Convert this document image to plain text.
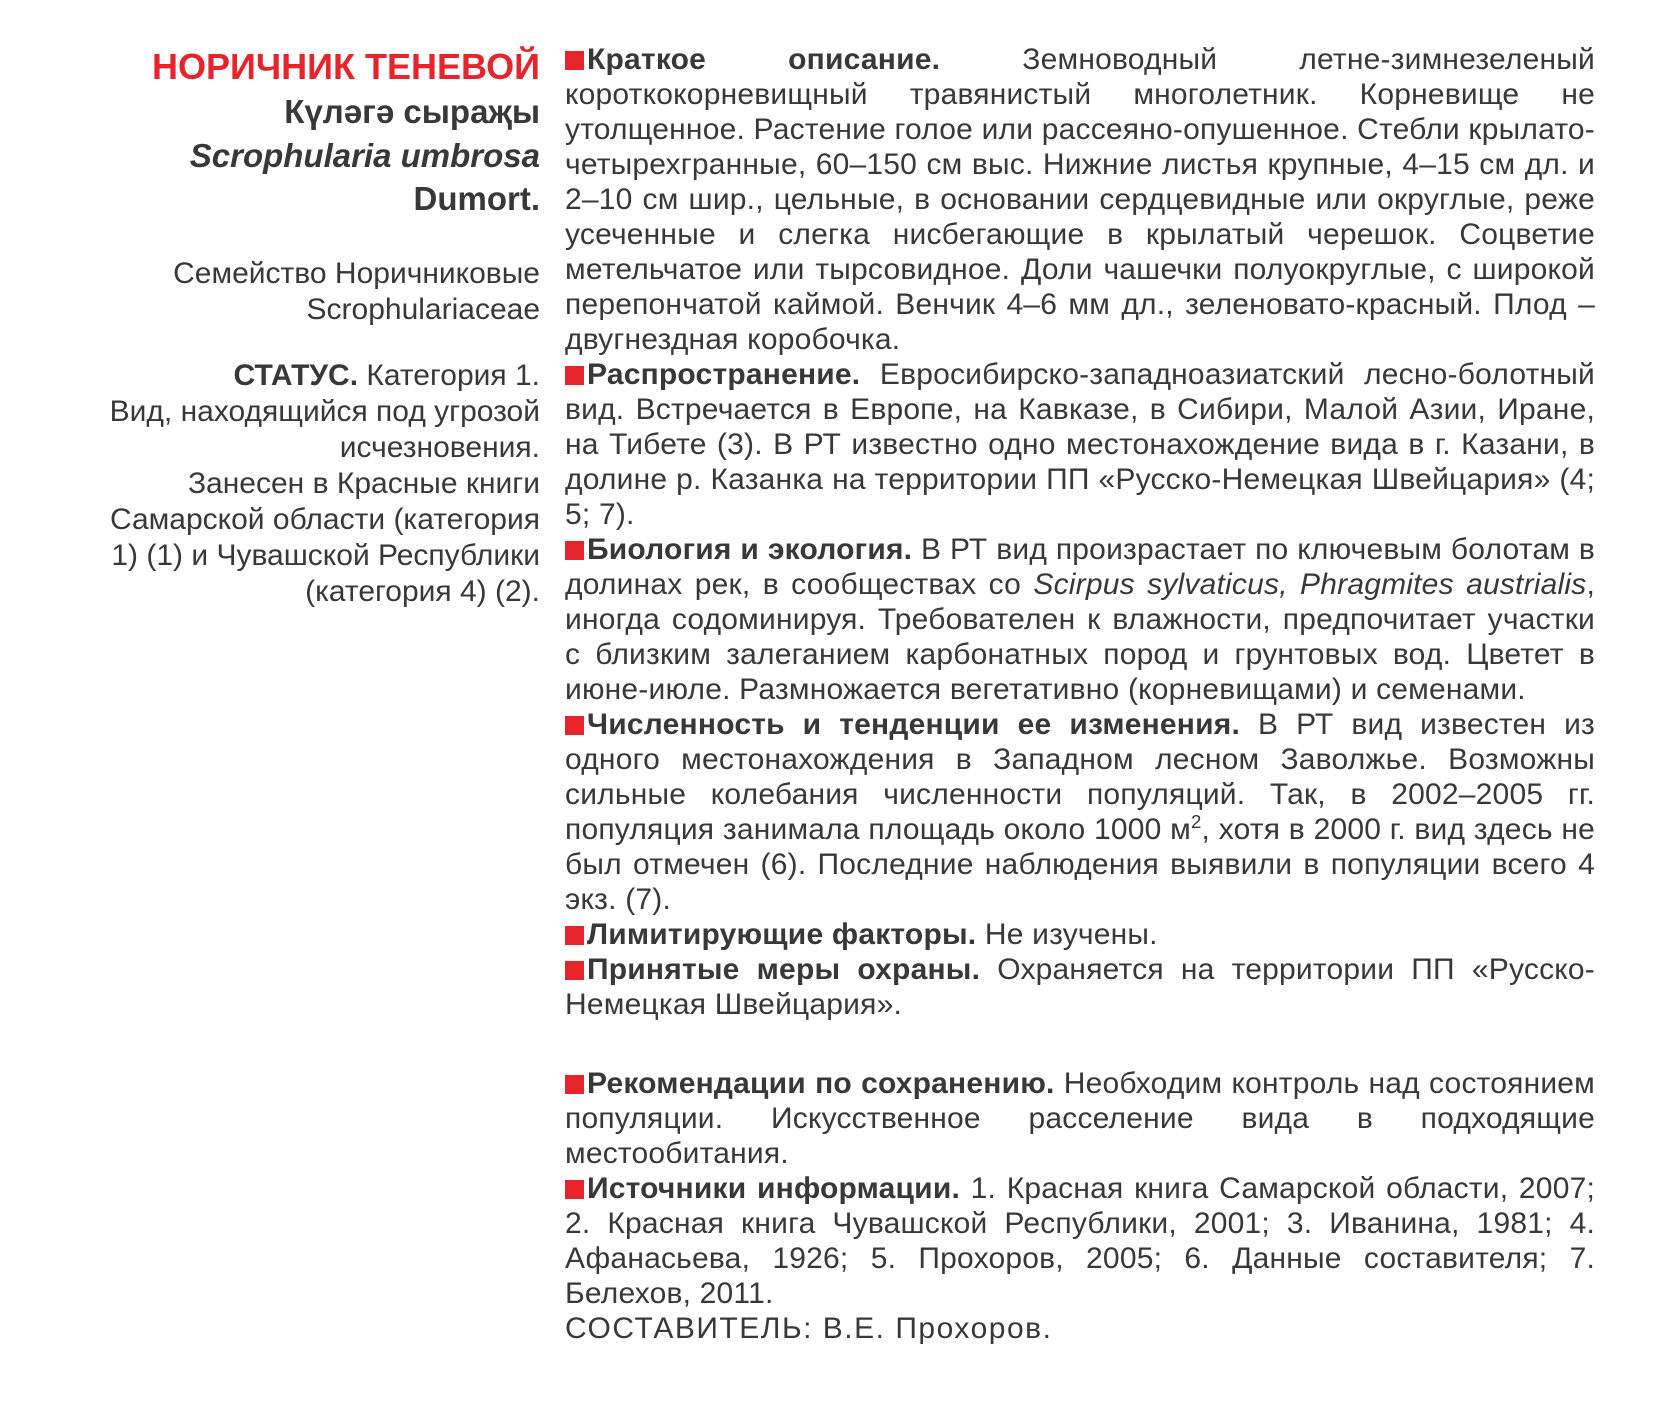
НОРИЧНИК ТЕНЕВОЙ
Күләгә сыраҗы
Scrophularia umbrosa
Dumort.
Семейство Норичниковые
Scrophulariaceae
СТАТУС. Категория 1.
Вид, находящийся под угрозой исчезновения.
Занесен в Красные книги Самарской области (категория 1) (1) и Чувашской Республики (категория 4) (2).

Краткое описание. Земноводный летне-зимнезеленый короткокорневищный травянистый многолетник. Корневище не утолщенное. Растение голое или рассеяно-опушенное. Стебли крылато-четырехгранные, 60–150 см выс. Нижние листья крупные, 4–15 см дл. и 2–10 см шир., цельные, в основании сердцевидные или округлые, реже усеченные и слегка нисбегающие в крылатый черешок. Соцветие метельчатое или тырсовидное. Доли чашечки полуокруглые, с широкой перепончатой каймой. Венчик 4–6 мм дл., зеленовато-красный. Плод – двугнездная коробочка.

Распространение. Евросибирско-западноазиатский лесно-болотный вид. Встречается в Европе, на Кавказе, в Сибири, Малой Азии, Иране, на Тибете (3). В РТ известно одно местонахождение вида в г. Казани, в долине р. Казанка на территории ПП «Русско-Немецкая Швейцария» (4; 5; 7).

Биология и экология. В РТ вид произрастает по ключевым болотам в долинах рек, в сообществах со Scirpus sylvaticus, Phragmites austrialis, иногда содоминируя. Требователен к влажности, предпочитает участки с близким залеганием карбонатных пород и грунтовых вод. Цветет в июне-июле. Размножается вегетативно (корневищами) и семенами.

Численность и тенденции ее изменения. В РТ вид известен из одного местонахождения в Западном лесном Заволжье. Возможны сильные колебания численности популяций. Так, в 2002–2005 гг. популяция занимала площадь около 1000 $м^2$, хотя в 2000 г. вид здесь не был отмечен (6). Последние наблюдения выявили в популяции всего 4 экз. (7).

Лимитирующие факторы. Не изучены.

Принятые меры охраны. Охраняется на территории ПП «Русско-Немецкая Швейцария».

Рекомендации по сохранению. Необходим контроль над состоянием популяции. Искусственное расселение вида в подходящие местообитания.

Источники информации. 1. Красная книга Самарской области, 2007; 2. Красная книга Чувашской Республики, 2001; 3. Иванина, 1981; 4. Афанасьева, 1926; 5. Прохоров, 2005; 6. Данные составителя; 7. Белехов, 2011.

СОСТАВИТЕЛЬ: В.Е. Прохоров.
